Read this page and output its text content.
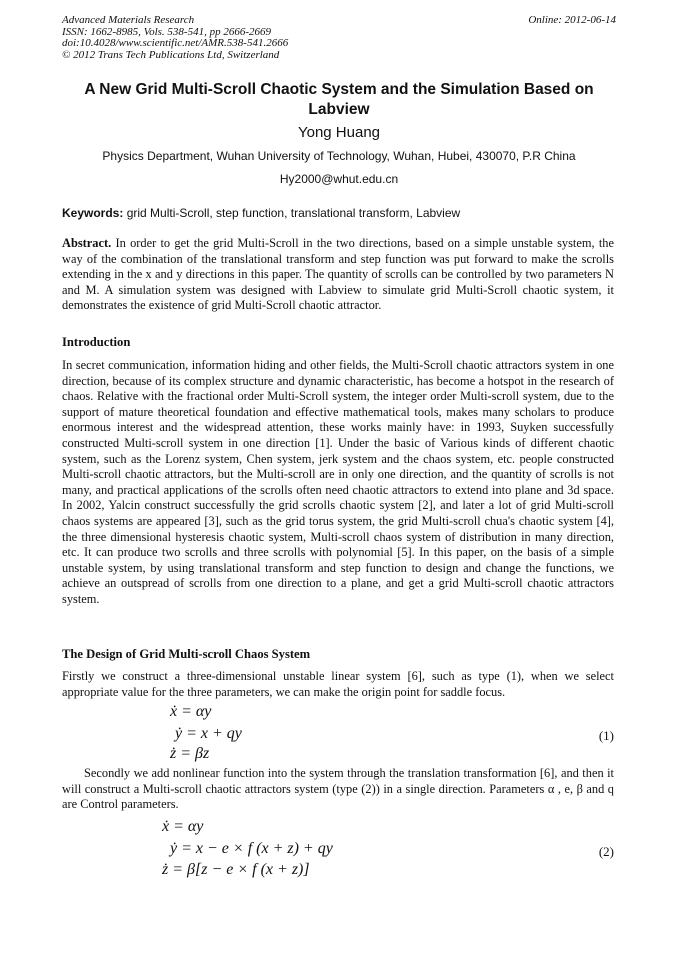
Advanced Materials Research
ISSN: 1662-8985, Vols. 538-541, pp 2666-2669
doi:10.4028/www.scientific.net/AMR.538-541.2666
© 2012 Trans Tech Publications Ltd, Switzerland
Online: 2012-06-14
A New Grid Multi-Scroll Chaotic System and the Simulation Based on Labview
Yong Huang
Physics Department, Wuhan University of Technology, Wuhan, Hubei, 430070, P.R China
Hy2000@whut.edu.cn
Keywords: grid Multi-Scroll, step function, translational transform, Labview

Abstract. In order to get the grid Multi-Scroll in the two directions, based on a simple unstable system, the way of the combination of the translational transform and step function was put forward to make the scrolls extending in the x and y directions in this paper. The quantity of scrolls can be controlled by two parameters N and M. A simulation system was designed with Labview to simulate grid Multi-Scroll chaotic system, it demonstrates the existence of grid Multi-Scroll chaotic attractor.

Introduction

In secret communication, information hiding and other fields, the Multi-Scroll chaotic attractors system in one direction, because of its complex structure and dynamic characteristic, has become a hotspot in the research of chaos. Relative with the fractional order Multi-Scroll system, the integer order Multi-scroll system, due to the support of mature theoretical foundation and effective mathematical tools, makes many scholars to produce enormous interest and the widespread attention, these works mainly have: in 1993, Suyken successfully constructed Multi-scroll system in one direction [1]. Under the basic of Various kinds of different chaotic system, such as the Lorenz system, Chen system, jerk system and the chaos system, etc. people constructed Multi-scroll chaotic attractors, but the Multi-scroll are in only one direction, and the quantity of scrolls is not many, and practical applications of the scrolls often need chaotic attractors to extend into plane and 3d space. In 2002, Yalcin construct successfully the grid scrolls chaotic system [2], and later a lot of grid Multi-scroll chaos systems are appeared [3], such as the grid torus system, the grid Multi-scroll chua's chaotic system [4], the three dimensional hysteresis chaotic system, Multi-scroll chaos system of distribution in many direction, etc. It can produce two scrolls and three scrolls with polynomial [5]. In this paper, on the basis of a simple unstable system, by using translational transform and step function to design and change the functions, we achieve an outspread of scrolls from one direction to a plane, and get a grid Multi-scroll chaotic attractors system.

The Design of Grid Multi-scroll Chaos System

Firstly we construct a three-dimensional unstable linear system [6], such as type (1), when we select appropriate value for the three parameters, we can make the origin point for saddle focus.

ẋ = αy
ẏ = x + qy
ż = βz
(1)

Secondly we add nonlinear function into the system through the translation transformation [6], and then it will construct a Multi-scroll chaotic attractors system (type (2)) in a single direction. Parameters α , e, β and q are Control parameters.

ẋ = αy
ẏ = x − e × f (x + z) + qy
ż = β[z − e × f (x + z)]
(2)
